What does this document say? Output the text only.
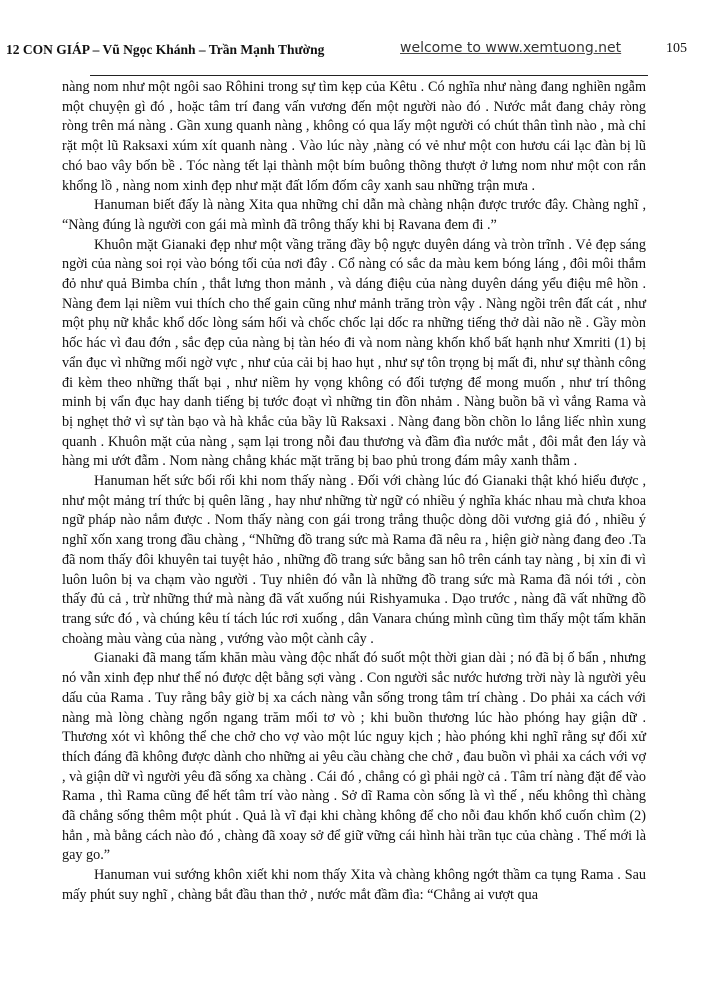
12 CON GIÁP – Vũ Ngọc Khánh – Trần Mạnh Thường	welcome to www.xemtuong.net	105

nàng nom như một ngôi sao Rôhini trong sự tìm kẹp của Kêtu . Có nghĩa như nàng đang nghiền ngẫm một chuyện gì đó , hoặc tâm trí đang vấn vương đến một người nào đó . Nước mắt đang chảy ròng ròng trên má nàng . Gần xung quanh nàng , không có qua lấy một người có chút thân tình nào , mà chỉ rặt một lũ Raksaxi xúm xít quanh nàng . Vào lúc này ,nàng có vẻ như một con hươu cái lạc đàn bị lũ chó bao vây bốn bề . Tóc nàng tết lại thành một bím buông thõng thượt ở lưng nom như một con rắn khổng lồ , nàng nom xinh đẹp như mặt đất lốm đốm cây xanh sau những trận mưa .

Hanuman biết đấy là nàng Xita qua những chỉ dẫn mà chàng nhận được trước đây. Chàng nghĩ , “Nàng đúng là người con gái mà mình đã trông thấy khi bị Ravana đem đi .”

Khuôn mặt Gianaki đẹp như một vầng trăng đầy bộ ngực duyên dáng và tròn trĩnh . Vẻ đẹp sáng ngời của nàng soi rọi vào bóng tối của nơi đây . Cổ nàng có sắc da màu kem bóng láng , đôi môi thắm đỏ như quả Bimba chín , thắt lưng thon mảnh , và dáng điệu của nàng duyên dáng yểu điệu mê hồn . Nàng đem lại niềm vui thích cho thế gain cũng như mảnh trăng tròn vậy . Nàng ngồi trên đất cát , như một phụ nữ khắc khổ dốc lòng sám hối và chốc chốc lại dốc ra những tiếng thở dài não nề . Gầy mòn hốc hác vì đau đớn , sắc đẹp của nàng bị tàn héo đi và nom nàng khốn khổ bất hạnh như Xmriti (1) bị vẩn đục vì những mối ngờ vực , như của cải bị hao hụt , như sự tôn trọng bị mất đi, như sự thành công đi kèm theo những thất bại , như niềm hy vọng không có đối tượng để mong muốn , như trí thông minh bị vẩn đục hay danh tiếng bị tước đoạt vì những tin đồn nhảm . Nàng buồn bã vì vắng Rama và bị nghẹt thở vì sự tàn bạo và hà khắc của bầy lũ Raksaxi . Nàng đang bồn chồn lo lắng liếc nhìn xung quanh . Khuôn mặt của nàng , sạm lại trong nỗi đau thương và đầm đìa nước mắt , đôi mắt đen láy và hàng mi ướt đẫm . Nom nàng chẳng khác mặt trăng bị bao phủ trong đám mây xanh thẫm .

Hanuman hết sức bối rối khi nom thấy nàng . Đối với chàng lúc đó Gianaki thật khó hiểu được , như một mảng trí thức bị quên lãng , hay như những từ ngữ có nhiều ý nghĩa khác nhau mà chưa khoa ngữ pháp nào nắm được . Nom thấy nàng con gái trong trắng thuộc dòng dõi vương giả đó , nhiều ý nghĩ xốn xang trong đầu chàng , “Những đồ trang sức mà Rama đã nêu ra , hiện giờ nàng đang đeo .Ta đã nom thấy đôi khuyên tai tuyệt hảo , những đồ trang sức bằng san hô trên cánh tay nàng , bị xỉn đi vì luôn luôn bị va chạm vào người . Tuy nhiên đó vẫn là những đồ trang sức mà Rama đã nói tới , còn thấy đủ cả , trừ những thứ mà nàng đã vất xuống núi Rishyamuka . Dạo trước , nàng đã vất những đồ trang sức đó , và chúng kêu tí tách lúc rơi xuống , dân Vanara chúng mình cũng tìm thấy một tấm khăn choàng màu vàng của nàng , vướng vào một cành cây .

Gianaki đã mang tấm khăn màu vàng độc nhất đó suốt một thời gian dài ; nó đã bị ố bẩn , nhưng nó vẫn xinh đẹp như thể nó được dệt bằng sợi vàng . Con người sắc nước hương trời này là người yêu dấu của Rama . Tuy rằng bây giờ bị xa cách nàng vẫn sống trong tâm trí chàng . Do phải xa cách với nàng mà lòng chàng ngổn ngang trăm mối tơ vò ; khi buồn thương lúc hào phóng hay giận dữ . Thương xót vì không thể che chở cho vợ vào một lúc nguy kịch ; hào phóng khi nghĩ rằng sự đối xử thích đáng đã không được dành cho những ai yêu cầu chàng che chở , đau buồn vì phải xa cách với vợ , và giận dữ vì người yêu đã sống xa chàng . Cái đó , chẳng có gì phải ngờ cả . Tâm trí nàng đặt để vào Rama , thì Rama cũng để hết tâm trí vào nàng . Sở dĩ Rama còn sống là vì thế , nếu không thì chàng đã chẳng sống thêm một phút . Quả là vĩ đại khi chàng không để cho nỗi đau khốn khổ cuốn chìm (2) hẳn , mà bằng cách nào đó , chàng đã xoay sở để giữ vững cái hình hài trần tục của chàng . Thế mới là gay go.”

Hanuman vui sướng khôn xiết khi nom thấy Xita và chàng không ngớt thầm ca tụng Rama . Sau mấy phút suy nghĩ , chàng bắt đầu than thở , nước mắt đầm đìa: “Chẳng ai vượt qua
